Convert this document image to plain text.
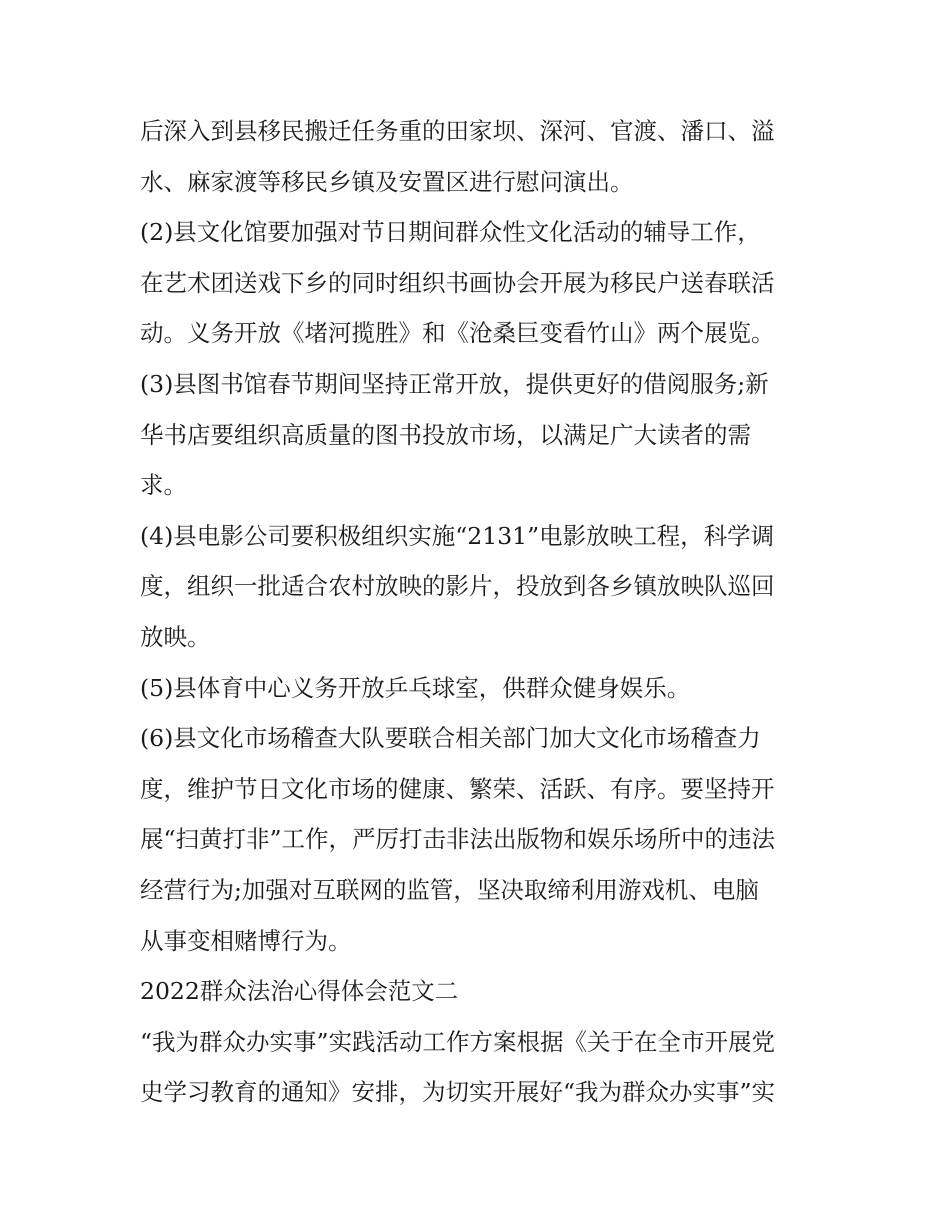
后深入到县移民搬迁任务重的田家坝、深河、官渡、潘口、溢
水、麻家渡等移民乡镇及安置区进行慰问演出。
(2)县文化馆要加强对节日期间群众性文化活动的辅导工作，
在艺术团送戏下乡的同时组织书画协会开展为移民户送春联活
动。义务开放《堵河揽胜》和《沧桑巨变看竹山》两个展览。
(3)县图书馆春节期间坚持正常开放，提供更好的借阅服务;新
华书店要组织高质量的图书投放市场，以满足广大读者的需
求。
(4)县电影公司要积极组织实施“2131”电影放映工程，科学调
度，组织一批适合农村放映的影片，投放到各乡镇放映队巡回
放映。
(5)县体育中心义务开放乒乓球室，供群众健身娱乐。
(6)县文化市场稽查大队要联合相关部门加大文化市场稽查力
度，维护节日文化市场的健康、繁荣、活跃、有序。要坚持开
展“扫黄打非”工作，严厉打击非法出版物和娱乐场所中的违法
经营行为;加强对互联网的监管，坚决取缔利用游戏机、电脑
从事变相赌博行为。
2022群众法治心得体会范文二
“我为群众办实事”实践活动工作方案根据《关于在全市开展党
史学习教育的通知》安排，为切实开展好“我为群众办实事”实
